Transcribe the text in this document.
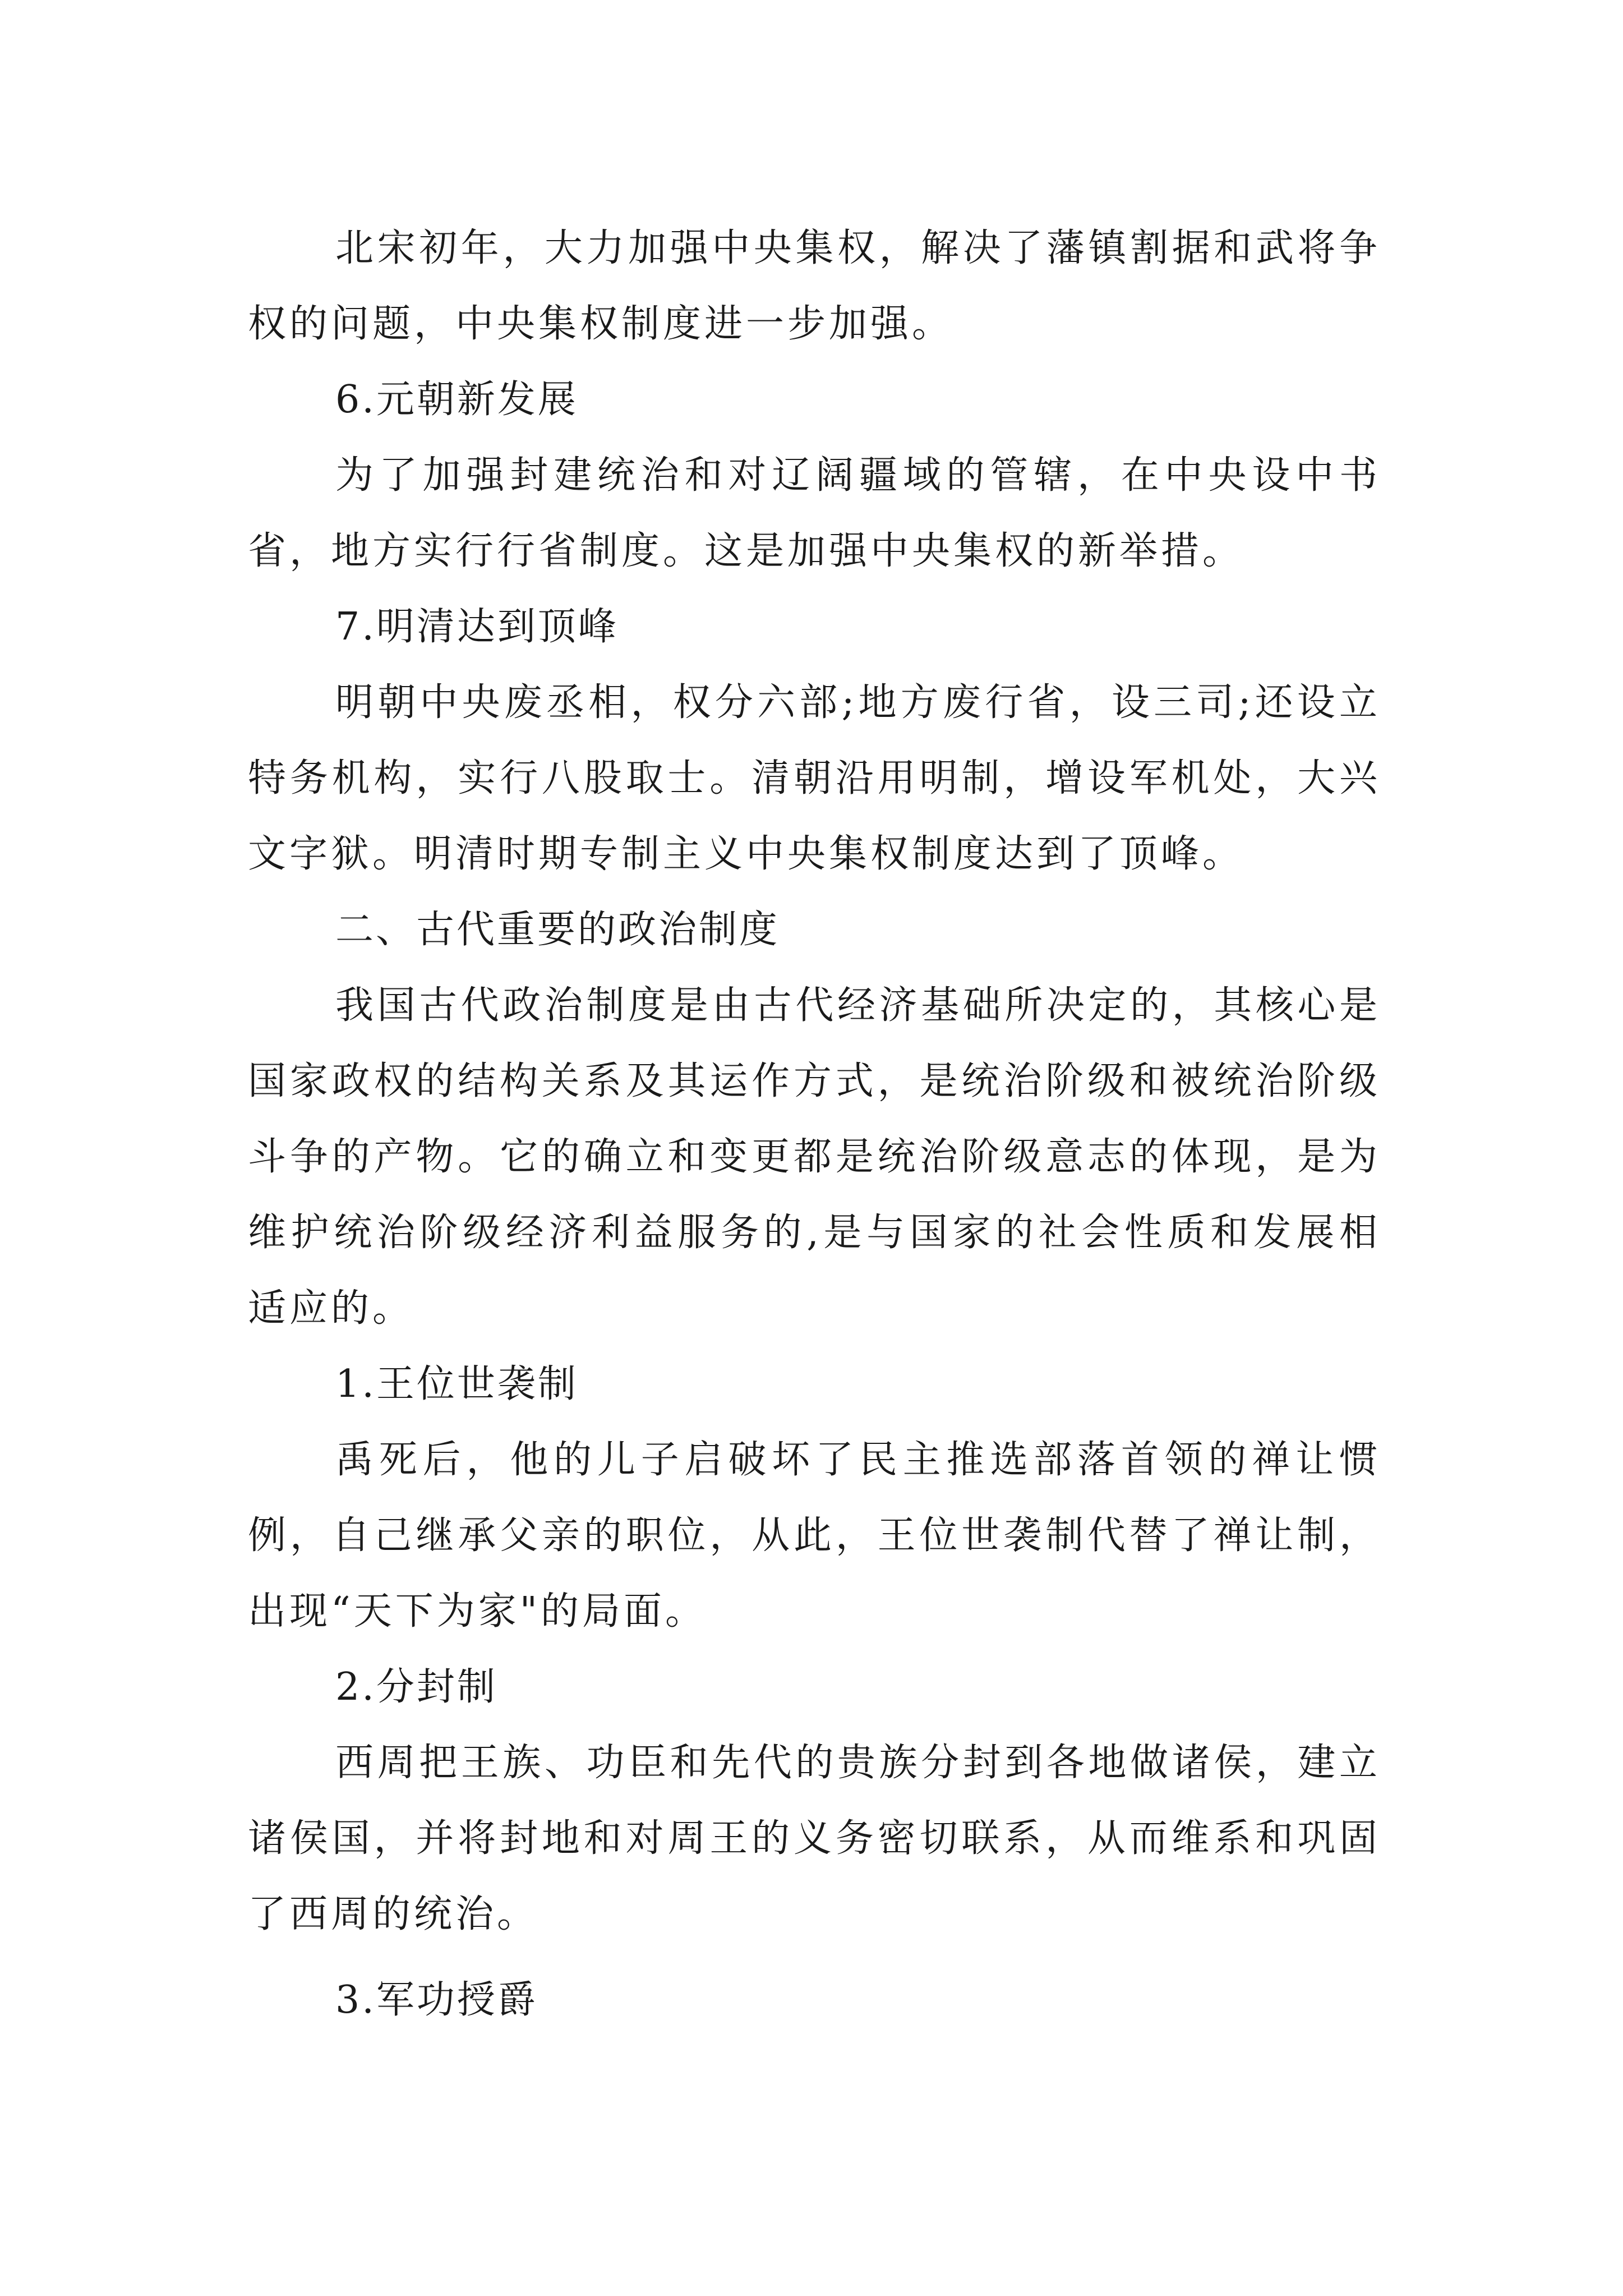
北宋初年，大力加强中央集权，解决了藩镇割据和武将争权的问题，中央集权制度进一步加强。

6.元朝新发展

为了加强封建统治和对辽阔疆域的管辖，在中央设中书省，地方实行行省制度。这是加强中央集权的新举措。

7.明清达到顶峰

明朝中央废丞相，权分六部;地方废行省，设三司;还设立特务机构，实行八股取士。清朝沿用明制，增设军机处，大兴文字狱。明清时期专制主义中央集权制度达到了顶峰。

二、古代重要的政治制度

我国古代政治制度是由古代经济基础所决定的，其核心是国家政权的结构关系及其运作方式，是统治阶级和被统治阶级斗争的产物。它的确立和变更都是统治阶级意志的体现，是为维护统治阶级经济利益服务的,是与国家的社会性质和发展相适应的。

1.王位世袭制

禹死后，他的儿子启破坏了民主推选部落首领的禅让惯例，自己继承父亲的职位，从此，王位世袭制代替了禅让制，出现“天下为家"的局面。

2.分封制

西周把王族、功臣和先代的贵族分封到各地做诸侯，建立诸侯国，并将封地和对周王的义务密切联系，从而维系和巩固了西周的统治。

3.军功授爵
